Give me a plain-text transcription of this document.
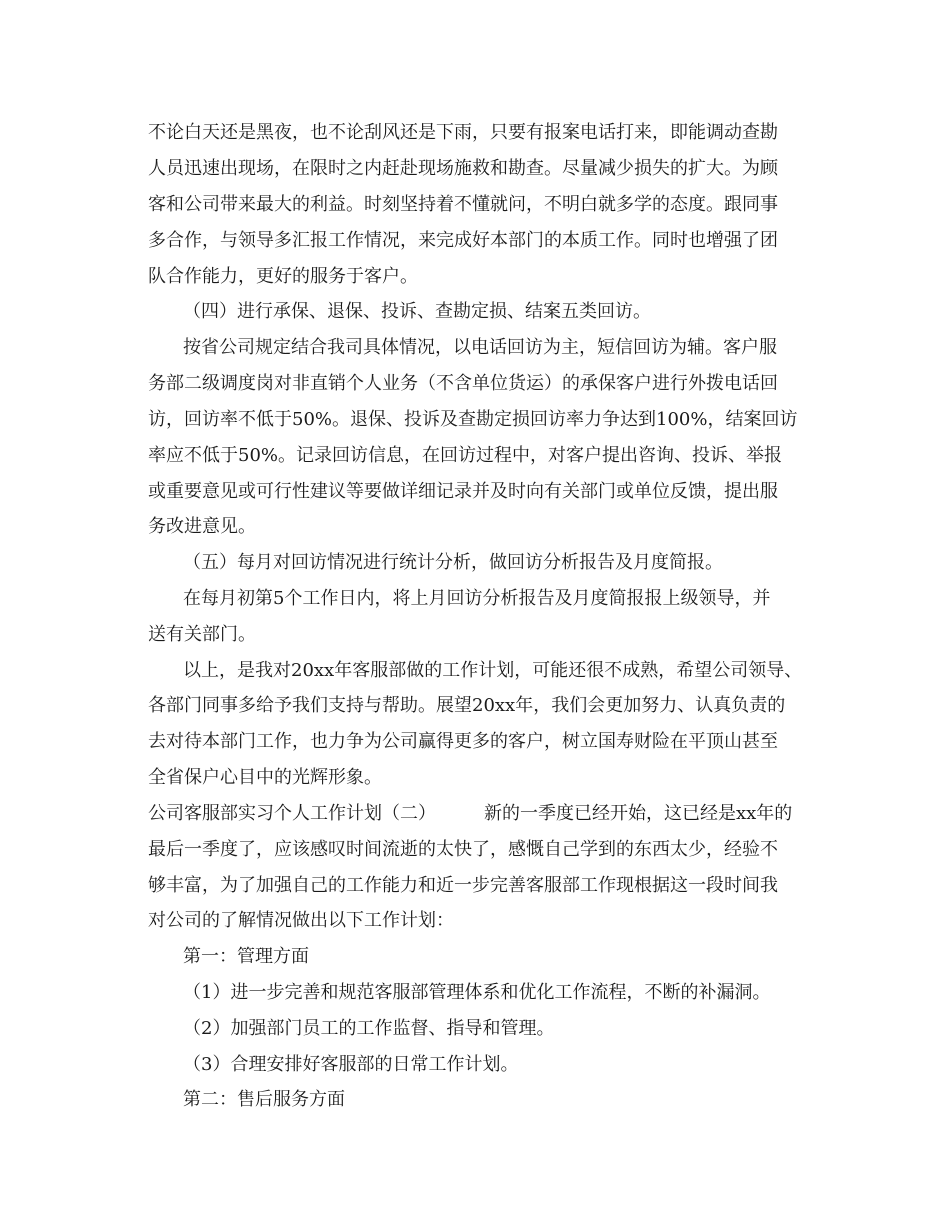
不论白天还是黑夜，也不论刮风还是下雨，只要有报案电话打来，即能调动查勘
人员迅速出现场，在限时之内赶赴现场施救和勘查。尽量减少损失的扩大。为顾
客和公司带来最大的利益。时刻坚持着不懂就问，不明白就多学的态度。跟同事
多合作，与领导多汇报工作情况，来完成好本部门的本质工作。同时也增强了团
队合作能力，更好的服务于客户。
（四）进行承保、退保、投诉、查勘定损、结案五类回访。
按省公司规定结合我司具体情况，以电话回访为主，短信回访为辅。客户服
务部二级调度岗对非直销个人业务（不含单位货运）的承保客户进行外拨电话回
访，回访率不低于50%。退保、投诉及查勘定损回访率力争达到100%，结案回访
率应不低于50%。记录回访信息，在回访过程中，对客户提出咨询、投诉、举报
或重要意见或可行性建议等要做详细记录并及时向有关部门或单位反馈，提出服
务改进意见。
（五）每月对回访情况进行统计分析，做回访分析报告及月度简报。
在每月初第5个工作日内，将上月回访分析报告及月度简报报上级领导，并
送有关部门。
以上，是我对20xx年客服部做的工作计划，可能还很不成熟，希望公司领导、
各部门同事多给予我们支持与帮助。展望20xx年，我们会更加努力、认真负责的
去对待本部门工作，也力争为公司赢得更多的客户，树立国寿财险在平顶山甚至
全省保户心目中的光辉形象。
公司客服部实习个人工作计划（二）	新的一季度已经开始，这已经是xx年的
最后一季度了，应该感叹时间流逝的太快了，感慨自己学到的东西太少，经验不
够丰富，为了加强自己的工作能力和近一步完善客服部工作现根据这一段时间我
对公司的了解情况做出以下工作计划：
第一：管理方面
（1）进一步完善和规范客服部管理体系和优化工作流程，不断的补漏洞。
（2）加强部门员工的工作监督、指导和管理。
（3）合理安排好客服部的日常工作计划。
第二：售后服务方面
